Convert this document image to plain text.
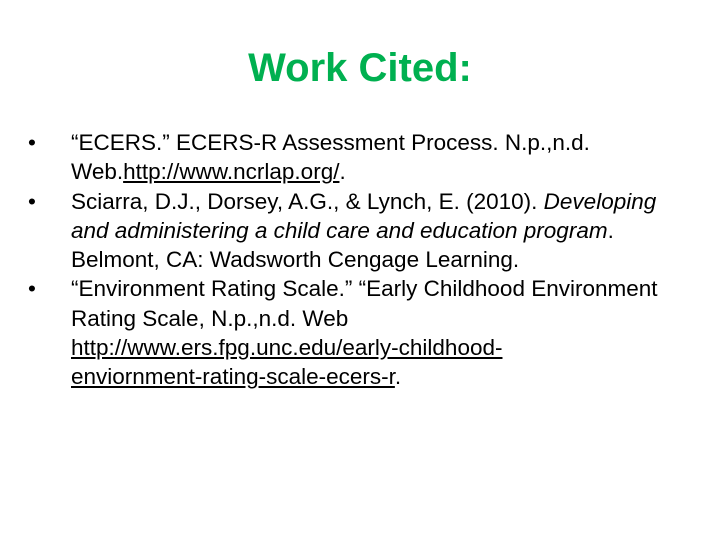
Work Cited:
•	“ECERS.” ECERS-R Assessment Process. N.p.,n.d. Web.http://www.ncrlap.org/.
•	Sciarra, D.J., Dorsey, A.G., & Lynch, E. (2010). Developing and administering a child care and education program. Belmont, CA: Wadsworth Cengage Learning.
•	“Environment Rating Scale.” “Early Childhood Environment Rating Scale, N.p.,n.d. Web
http://www.ers.fpg.unc.edu/early-childhood-
enviornment-rating-scale-ecers-r.
